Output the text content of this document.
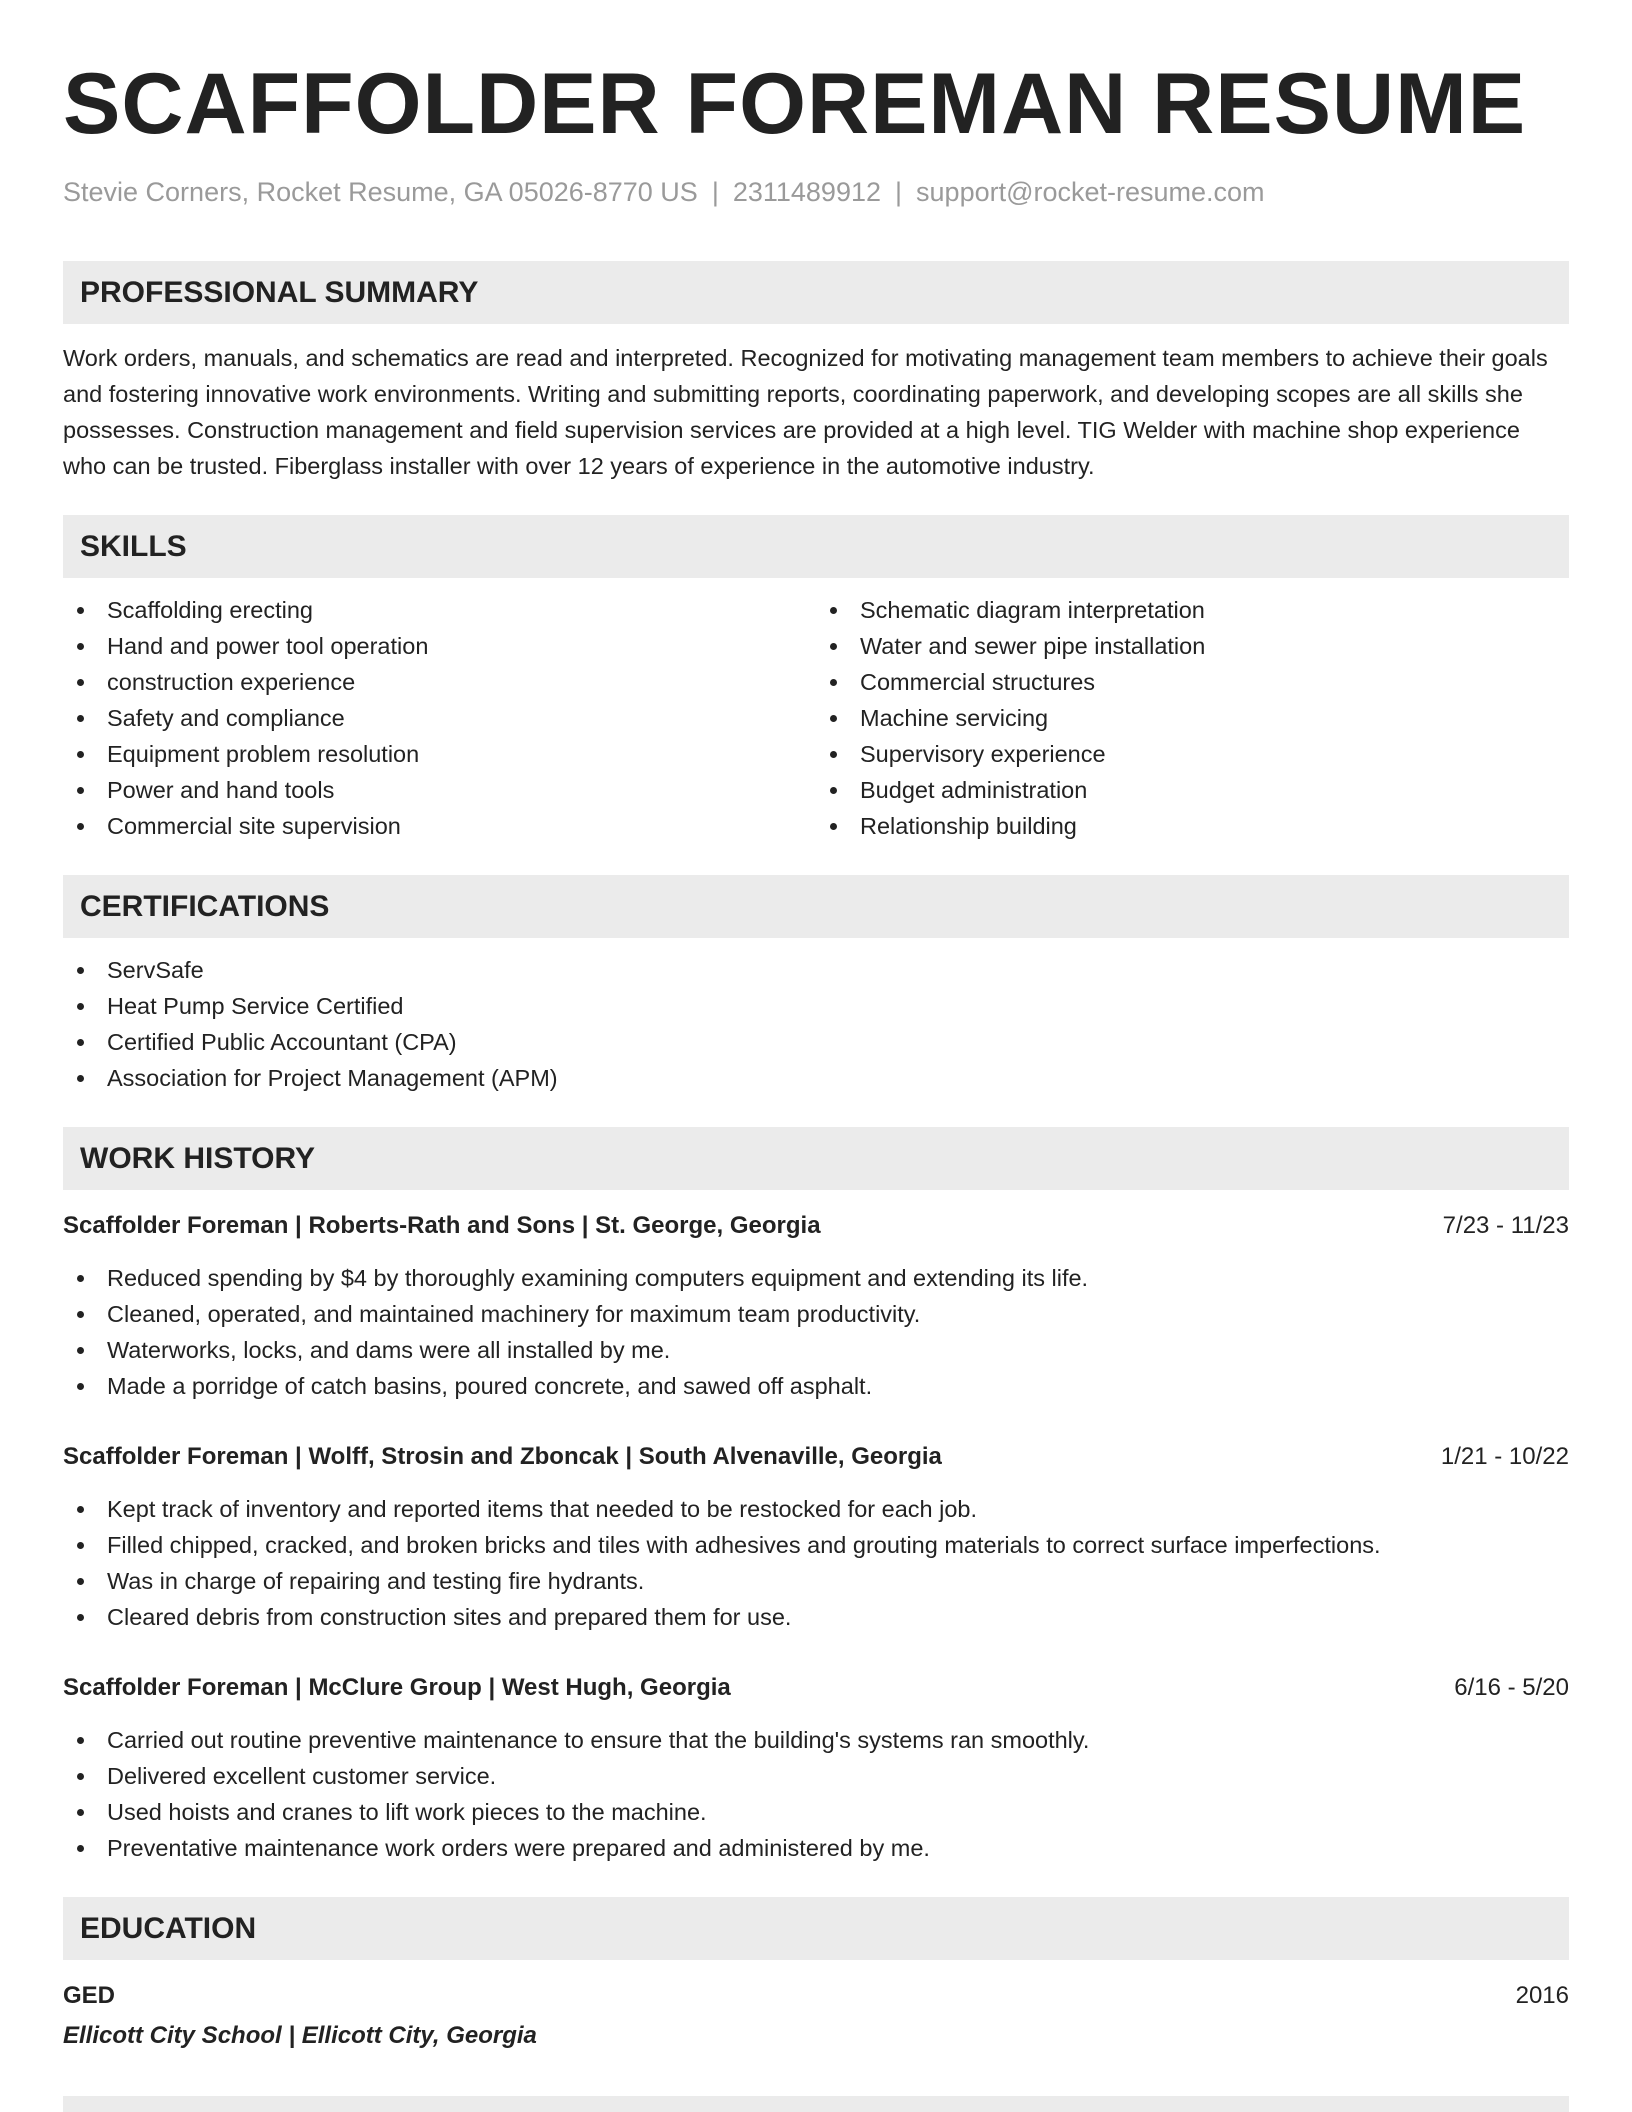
SCAFFOLDER FOREMAN RESUME
Stevie Corners, Rocket Resume, GA 05026-8770 US | 2311489912 | support@rocket-resume.com
PROFESSIONAL SUMMARY
Work orders, manuals, and schematics are read and interpreted. Recognized for motivating management team members to achieve their goals and fostering innovative work environments. Writing and submitting reports, coordinating paperwork, and developing scopes are all skills she possesses. Construction management and field supervision services are provided at a high level. TIG Welder with machine shop experience who can be trusted. Fiberglass installer with over 12 years of experience in the automotive industry.
SKILLS
Scaffolding erecting
Hand and power tool operation
construction experience
Safety and compliance
Equipment problem resolution
Power and hand tools
Commercial site supervision
Schematic diagram interpretation
Water and sewer pipe installation
Commercial structures
Machine servicing
Supervisory experience
Budget administration
Relationship building
CERTIFICATIONS
ServSafe
Heat Pump Service Certified
Certified Public Accountant (CPA)
Association for Project Management (APM)
WORK HISTORY
Scaffolder Foreman | Roberts-Rath and Sons | St. George, Georgia	7/23 - 11/23
Reduced spending by $4 by thoroughly examining computers equipment and extending its life.
Cleaned, operated, and maintained machinery for maximum team productivity.
Waterworks, locks, and dams were all installed by me.
Made a porridge of catch basins, poured concrete, and sawed off asphalt.
Scaffolder Foreman | Wolff, Strosin and Zboncak | South Alvenaville, Georgia	1/21 - 10/22
Kept track of inventory and reported items that needed to be restocked for each job.
Filled chipped, cracked, and broken bricks and tiles with adhesives and grouting materials to correct surface imperfections.
Was in charge of repairing and testing fire hydrants.
Cleared debris from construction sites and prepared them for use.
Scaffolder Foreman | McClure Group | West Hugh, Georgia	6/16 - 5/20
Carried out routine preventive maintenance to ensure that the building's systems ran smoothly.
Delivered excellent customer service.
Used hoists and cranes to lift work pieces to the machine.
Preventative maintenance work orders were prepared and administered by me.
EDUCATION
GED	2016
Ellicott City School | Ellicott City, Georgia
